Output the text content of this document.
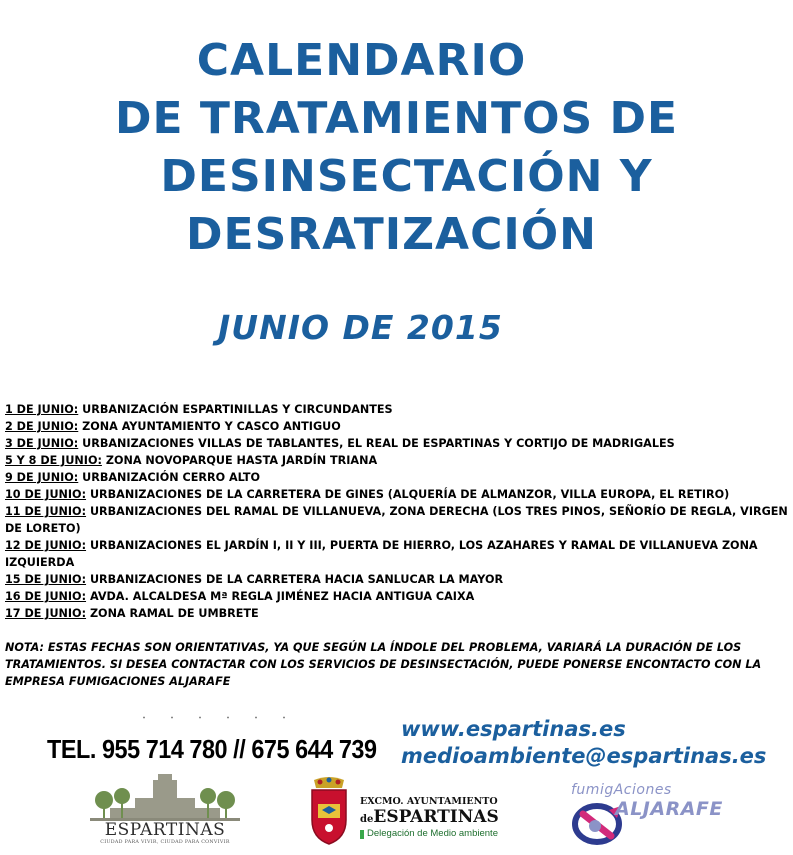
CALENDARIO
DE TRATAMIENTOS DE
DESINSECTACIÓN Y
DESRATIZACIÓN
JUNIO DE 2015
1 DE JUNIO: URBANIZACIÓN ESPARTINILLAS Y CIRCUNDANTES
2 DE JUNIO: ZONA AYUNTAMIENTO Y CASCO ANTIGUO
3 DE JUNIO: URBANIZACIONES VILLAS DE TABLANTES, EL REAL DE ESPARTINAS Y CORTIJO DE MADRIGALES
5 Y 8 DE JUNIO: ZONA NOVOPARQUE HASTA JARDÍN TRIANA
9 DE JUNIO: URBANIZACIÓN CERRO ALTO
10 DE JUNIO: URBANIZACIONES DE LA CARRETERA DE GINES (ALQUERÍA DE ALMANZOR, VILLA EUROPA, EL RETIRO)
11 DE JUNIO: URBANIZACIONES DEL RAMAL DE VILLANUEVA, ZONA DERECHA (LOS TRES PINOS, SEÑORÍO DE REGLA, VIRGEN DE LORETO)
12 DE JUNIO: URBANIZACIONES EL JARDÍN I, II Y III, PUERTA DE HIERRO, LOS AZAHARES Y RAMAL DE VILLANUEVA ZONA IZQUIERDA
15 DE JUNIO: URBANIZACIONES DE LA CARRETERA HACIA SANLUCAR LA MAYOR
16 DE JUNIO: AVDA. ALCALDESA Mª REGLA JIMÉNEZ HACIA ANTIGUA CAIXA
17 DE JUNIO: ZONA RAMAL DE UMBRETE

NOTA: ESTAS FECHAS SON ORIENTATIVAS, YA QUE SEGÚN LA ÍNDOLE DEL PROBLEMA, VARIARÁ LA DURACIÓN DE LOS TRATAMIENTOS. SI DESEA CONTACTAR CON LOS SERVICIOS DE DESINSECTACIÓN, PUEDE PONERSE ENCONTACTO CON LA EMPRESA FUMIGACIONES ALJARAFE

TEL. 955 714 780 // 675 644 739
www.espartinas.es
medioambiente@espartinas.es
ESPARTINAS
CIUDAD PARA VIVIR, CIUDAD PARA CONVIVIR
EXCMO. AYUNTAMIENTO
deESPARTINAS
Delegación de Medio ambiente
fumigAciones
ALJARAFE
